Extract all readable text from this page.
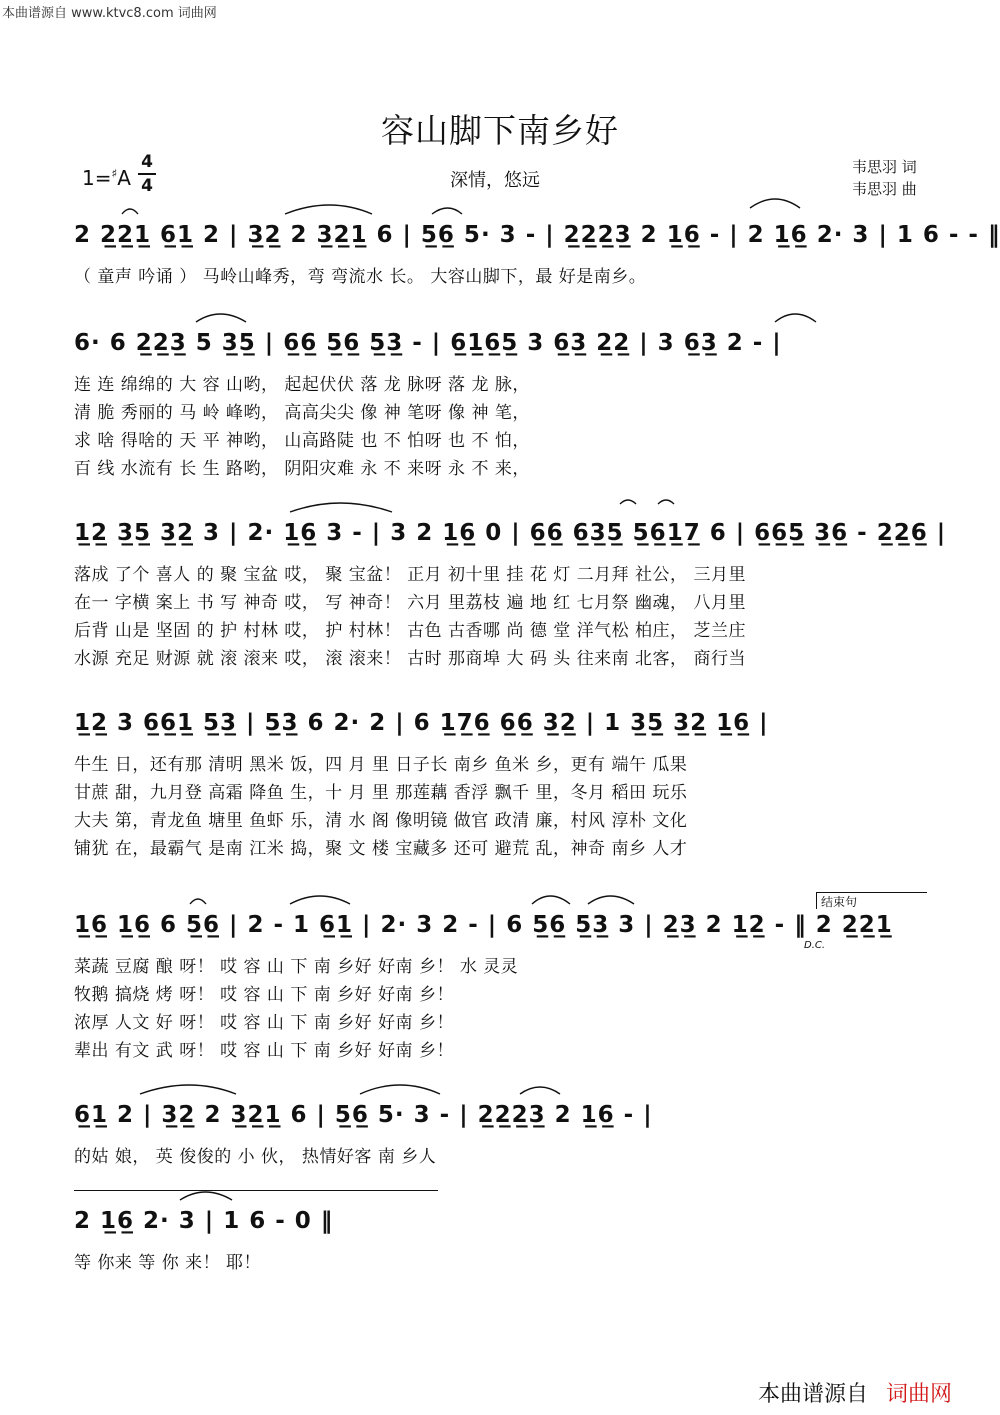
本曲谱源自 www.ktvc8.com 词曲网
容山脚下南乡好
1=♯A
4
4	深情，悠远
韦思羽 词
韦思羽 曲
2 2̲2̲1̲ 6̲1̲ 2 | 3̲2̲ 2 3̲2̲1̲ 6 | 5̲6̲ 5· 3 - | 2̲2̲2̲3̲ 2 1̲6̲ - | 2 1̲6̲ 2· 3 | 1 6 - - ‖
（ 童声 吟诵 ） 马岭山峰秀，弯 弯流水 长。 大容山脚下，最 好是南乡。
6· 6 2̲2̲3̲ 5 3̲5̲ | 6̲6̲ 5̲6̲ 5̲3̲ - | 6̲1̲6̲5̲ 3 6̲3̲ 2̲2̲ | 3 6̲3̲ 2 - |
连 连 绵绵的 大 容 山哟， 起起伏伏 落 龙 脉呀 落 龙 脉，
清 脆 秀丽的 马 岭 峰哟， 高高尖尖 像 神 笔呀 像 神 笔，
求 啥 得啥的 天 平 神哟， 山高路陡 也 不 怕呀 也 不 怕，
百 线 水流有 长 生 路哟， 阴阳灾难 永 不 来呀 永 不 来，
1̲2̲ 3̲5̲ 3̲2̲ 3 | 2· 1̲6̲ 3 - | 3 2 1̲6̲ 0 | 6̲6̲ 6̲3̲5̲ 5̲6̲1̲7̲ 6 | 6̲6̲5̲ 3̲6̲ - 2̲2̲6̲ |
落成 了个 喜人 的 聚 宝盆 哎， 聚 宝盆！ 正月 初十里 挂 花 灯 二月拜 社公， 三月里
在一 字横 案上 书 写 神奇 哎， 写 神奇！ 六月 里荔枝 遍 地 红 七月祭 幽魂， 八月里
后背 山是 坚固 的 护 村林 哎， 护 村林！ 古色 古香哪 尚 德 堂 洋气松 柏庄， 芝兰庄
水源 充足 财源 就 滚 滚来 哎， 滚 滚来！ 古时 那商埠 大 码 头 往来南 北客， 商行当
1̲2̲ 3 6̲6̲1̲ 5̲3̲ | 5̲3̲ 6 2· 2 | 6 1̲7̲6̲ 6̲6̲ 3̲2̲ | 1 3̲5̲ 3̲2̲ 1̲6̲ |
牛生 日，还有那 清明 黑米 饭，四 月 里 日子长 南乡 鱼米 乡，更有 端午 瓜果
甘蔗 甜，九月登 高霜 降鱼 生，十 月 里 那莲藕 香浮 飘千 里，冬月 稻田 玩乐
大夫 第，青龙鱼 塘里 鱼虾 乐，清 水 阁 像明镜 做官 政清 廉，村风 淳朴 文化
铺犹 在，最霸气 是南 江米 捣，聚 文 楼 宝藏多 还可 避荒 乱，神奇 南乡 人才
结束句
1̲6̲ 1̲6̲ 6 5̲6̲ | 2 - 1 6̲1̲ | 2· 3 2 - | 6 5̲6̲ 5̲3̲ 3 | 2̲3̲ 2 1̲2̲ - ‖ 2 2̲2̲1̲
D.C.
菜蔬 豆腐 酿 呀！ 哎 容 山 下 南 乡好 好南 乡！ 水 灵灵
牧鹅 搞烧 烤 呀！ 哎 容 山 下 南 乡好 好南 乡！
浓厚 人文 好 呀！ 哎 容 山 下 南 乡好 好南 乡！
辈出 有文 武 呀！ 哎 容 山 下 南 乡好 好南 乡！
6̲1̲ 2 | 3̲2̲ 2 3̲2̲1̲ 6 | 5̲6̲ 5· 3 - | 2̲2̲2̲3̲ 2 1̲6̲ - |
的姑 娘， 英 俊俊的 小 伙， 热情好客 南 乡人
2 1̲6̲ 2· 3 | 1 6 - 0 ‖
等 你来 等 你 来！ 耶！
本曲谱源自 词曲网
